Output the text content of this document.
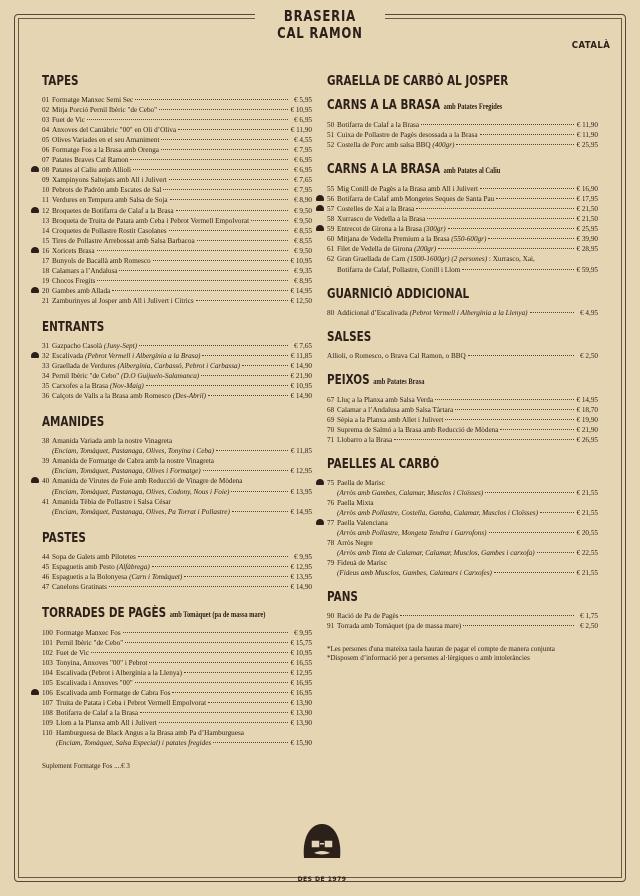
BRASERIA
CAL RAMON
CATALÀ
TAPES
01 Formatge Manxec Semi Sec	€ 5,95
02 Mitja Porció Pernil Ibèric "de Cebo"	€ 10,95
03 Fuet de Vic	€ 6,95
04 Anxoves del Cantàbric "00" en Oli d’Oliva	€ 11,90
05 Olives Variades en el seu Amaniment	€ 4,55
06 Formatge Fos a la Brasa amb Orenga	€ 7,95
07 Patates Braves Cal Ramon	€ 6,95
08 Patates al Caliu amb Allioli	€ 6,95
09 Xampinyons Saltejats amb All i Julivert	€ 7,65
10 Pebrots de Padrón amb Escates de Sal	€ 7,95
11 Verdures en Tempura amb Salsa de Soja	€ 8,90
12 Broquetes de Botifarra de Calaf a la Brasa	€ 9,50
13 Broqueta de Truita de Patata amb Ceba i Pebrot Vermell Empolvorat	€ 9,50
14 Croquetes de Pollastre Rostit Casolanes	€ 8,55
15 Tires de Pollastre Arrebossat amb Salsa Barbacoa	€ 8,55
16 Xoricets Brasa	€ 9,50
17 Bunyols de Bacallà amb Romesco	€ 10,95
18 Calamars a l’Andalusa	€ 9,35
19 Chocos Fregits	€ 8,95
20 Gambes amb Allada	€ 14,95
21 Zamburinyes al Josper amb All i Julivert i Cítrics	€ 12,50
ENTRANTS
31 Gazpacho Casolà
(Juny-Sept)	€ 7,65
32 Escalivada
(Pebrot Vermell i Albergínia a la Brasa)	€ 11,85
33 Graellada de Verdures
(Albergínia, Carbassó, Pebrot i Carbassa)	€ 14,90
34 Pernil Ibèric "de Cebo"
(D.O Guijuelo-Salamanca)	€ 21,90
35 Carxofes a la Brasa
(Nov-Maig)	€ 10,95
36 Calçots de Valls a la Brasa amb Romesco
(Des-Abril)	€ 14,90
AMANIDES
38 Amanida Variada amb la nostre Vinagreta
(Enciam, Tomàquet, Pastanaga, Olives, Tonyina i Ceba)	€ 11,85
39 Amanida de Formatge de Cabra amb la nostre Vinagreta
(Enciam, Tomàquet, Pastanaga, Olives i Formatge)	€ 12,95
40 Amanida de Virutes de Foie amb Reducció de Vinagre de Mòdena
(Enciam, Tomàquet, Pastanaga, Olives, Codony, Nous i Foie)	€ 13,95
41 Amanida Tèbia de Pollastre i Salsa César
(Enciam, Tomàquet, Pastanaga, Olives, Pa Torrat i Pollastre)	€ 14,95
PASTES
44 Sopa de Galets amb Pilotetes	€ 9,95
45 Espaguetis amb Pesto
(Alfàbrega)	€ 12,95
46 Espaguetis a la Bolonyesa
(Carn i Tomàquet)	€ 13,95
47 Canelons Gratinats	€ 14,90
TORRADES DE PAGÈS amb Tomàquet (pa de massa mare)
100 Formatge Manxec Fos	€ 9,95
101 Pernil Ibèric "de Cebo"	€ 15,75
102 Fuet de Vic	€ 10,95
103 Tonyina, Anxoves "00" i Pebrot	€ 16,55
104 Escalivada (Pebrot i Albergínia a la Llenya)	€ 12,95
105 Escalivada i Anxoves "00"	€ 16,95
106 Escalivada amb Formatge de Cabra Fos	€ 16,95
107 Truita de Patata i Ceba i Pebrot Vermell Empolvorat	€ 13,90
108 Botifarra de Calaf a la Brasa	€ 13,90
109 Llom a la Planxa amb All i Julivert	€ 13,90
110 Hamburguesa de Black Angus a la Brasa amb Pa d’Hamburguesa
(Enciam, Tomàquet, Salsa Especial) i patates fregides	€ 15,90
Suplement Formatge Fos ....€ 3
GRAELLA DE CARBÓ AL JOSPER
CARNS A LA BRASA amb Patates Fregides
50 Botifarra de Calaf a la Brasa	€ 11,90
51 Cuixa de Pollastre de Pagès desossada a la Brasa	€ 11,90
52 Costella de Porc amb salsa BBQ
(400gr)	€ 25,95
CARNS A LA BRASA amb Patates al Caliu
55 Mig Conill de Pagès a la Brasa amb All i Julivert	€ 16,90
56 Botifarra de Calaf amb Mongetes Seques de Santa Pau	€ 17,95
57 Costelles de Xai a la Brasa	€ 21,50
58 Xurrasco de Vedella a la Brasa	€ 21,50
59 Entrecot de Girona a la Brasa
(300gr)	€ 25,95
60 Mitjana de Vedella Premium a la Brasa
(550-600gr)	€ 39,90
61 Filet de Vedella de Girona
(200gr)	€ 28,95
62 Gran Graellada de Carn
(1500-1600gr) (2 persones)
: Xurrasco, Xai,
Botifarra de Calaf, Pollastre, Conill i Llom	€ 59,95
GUARNICIÓ ADDICIONAL
80 Addicional d’Escalivada
(Pebrot Vermell i Albergínia a la Llenya)	€ 4,95
SALSES
Allioli, o Romesco, o Brava Cal Ramon, o BBQ	€ 2,50
PEIXOS amb Patates Brasa
67 Lluç a la Planxa amb Salsa Verda	€ 14,95
68 Calamar a l’Andalusa amb Salsa Tàrtara	€ 18,70
69 Sèpia a la Planxa amb Allet i Julivert	€ 19,90
70 Suprema de Salmó a la Brasa amb Reducció de Mòdena	€ 21,90
71 Llobarro a la Brasa	€ 26,95
PAELLES AL CARBÓ
75 Paella de Marisc
(Arròs amb Gambes, Calamar, Musclos i Cloïsses)	€ 21,55
76 Paella Mixta
(Arròs amb Pollastre, Costella, Gamba, Calamar, Musclos i Cloïsses)	€ 21,55
77 Paella Valenciana
(Arròs amb Pollastre, Mongeta Tendra i Garrofons)	€ 20,55
78 Arròs Negre
(Arròs amb Tinta de Calamar, Calamar, Musclos, Gambes i carxofa)	€ 22,55
79 Fideuà de Marisc
(Fideus amb Musclos, Gambes, Calamars i Carxofes)	€ 21,55
PANS
90 Ració de Pa de Pagès	€ 1,75
91 Torrada amb Tomàquet (pa de massa mare)	€ 2,50
*Les persones d'una mateixa taula hauran de pagar el compte de manera conjunta
*Disposem d’informació per a persones al·lèrgiques o amb intoleràncies
DES DE 1979
